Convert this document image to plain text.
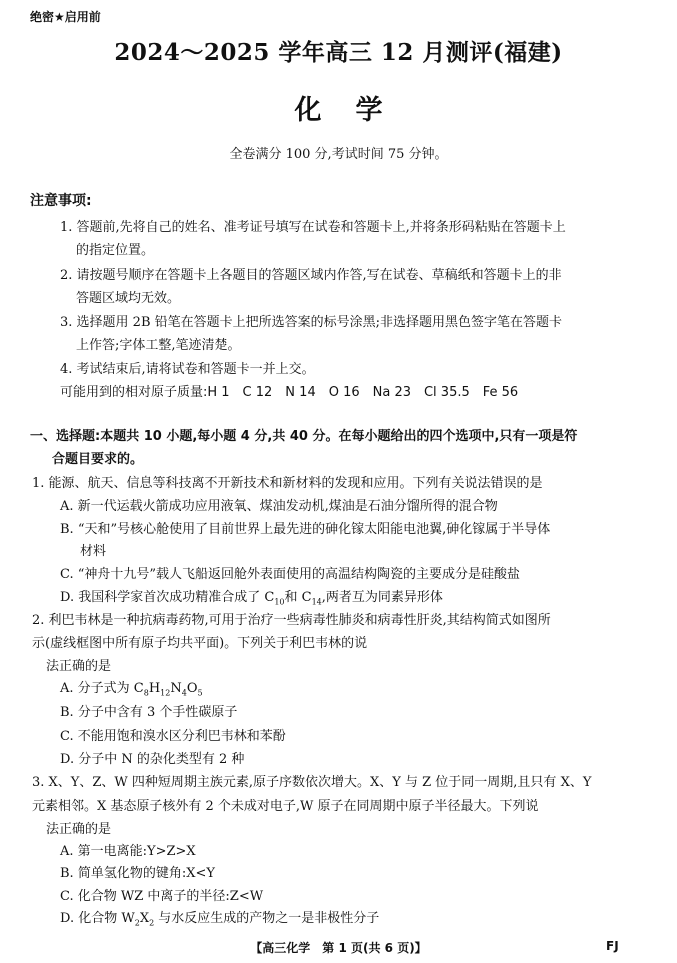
绝密★启用前
2024～2025 学年高三 12 月测评(福建)
化学
全卷满分 100 分,考试时间 75 分钟。
注意事项:
1. 答题前,先将自己的姓名、准考证号填写在试卷和答题卡上,并将条形码粘贴在答题卡上
的指定位置。
2. 请按题号顺序在答题卡上各题目的答题区域内作答,写在试卷、草稿纸和答题卡上的非
答题区域均无效。
3. 选择题用 2B 铅笔在答题卡上把所选答案的标号涂黑;非选择题用黑色签字笔在答题卡
上作答;字体工整,笔迹清楚。
4. 考试结束后,请将试卷和答题卡一并上交。
可能用到的相对原子质量:H 1　C 12　N 14　O 16　Na 23　Cl 35.5　Fe 56
一、选择题:本题共 10 小题,每小题 4 分,共 40 分。在每小题给出的四个选项中,只有一项是符
合题目要求的。
1. 能源、航天、信息等科技离不开新技术和新材料的发现和应用。下列有关说法错误的是
A. 新一代运载火箭成功应用液氧、煤油发动机,煤油是石油分馏所得的混合物
B. “天和”号核心舱使用了目前世界上最先进的砷化镓太阳能电池翼,砷化镓属于半导体
材料
C. “神舟十九号”载人飞船返回舱外表面使用的高温结构陶瓷的主要成分是硅酸盐
D. 我国科学家首次成功精准合成了 $C_{10}$和 $C_{14}$,两者互为同素异形体
2. 利巴韦林是一种抗病毒药物,可用于治疗一些病毒性肺炎和病毒性肝炎,其结构简式如图所
示(虚线框图中所有原子均共平面)。下列关于利巴韦林的说
法正确的是
A. 分子式为 $C_8H_{12}N_4O_5$
B. 分子中含有 3 个手性碳原子
C. 不能用饱和溴水区分利巴韦林和苯酚
D. 分子中 N 的杂化类型有 2 种
3. X、Y、Z、W 四种短周期主族元素,原子序数依次增大。X、Y 与 Z 位于同一周期,且只有 X、Y
元素相邻。X 基态原子核外有 2 个未成对电子,W 原子在同周期中原子半径最大。下列说
法正确的是
A. 第一电离能:Y>Z>X
B. 简单氢化物的键角:X<Y
C. 化合物 WZ 中离子的半径:Z<W
D. 化合物 $W_2X_2$ 与水反应生成的产物之一是非极性分子
【高三化学　第 1 页(共 6 页)】	FJ
